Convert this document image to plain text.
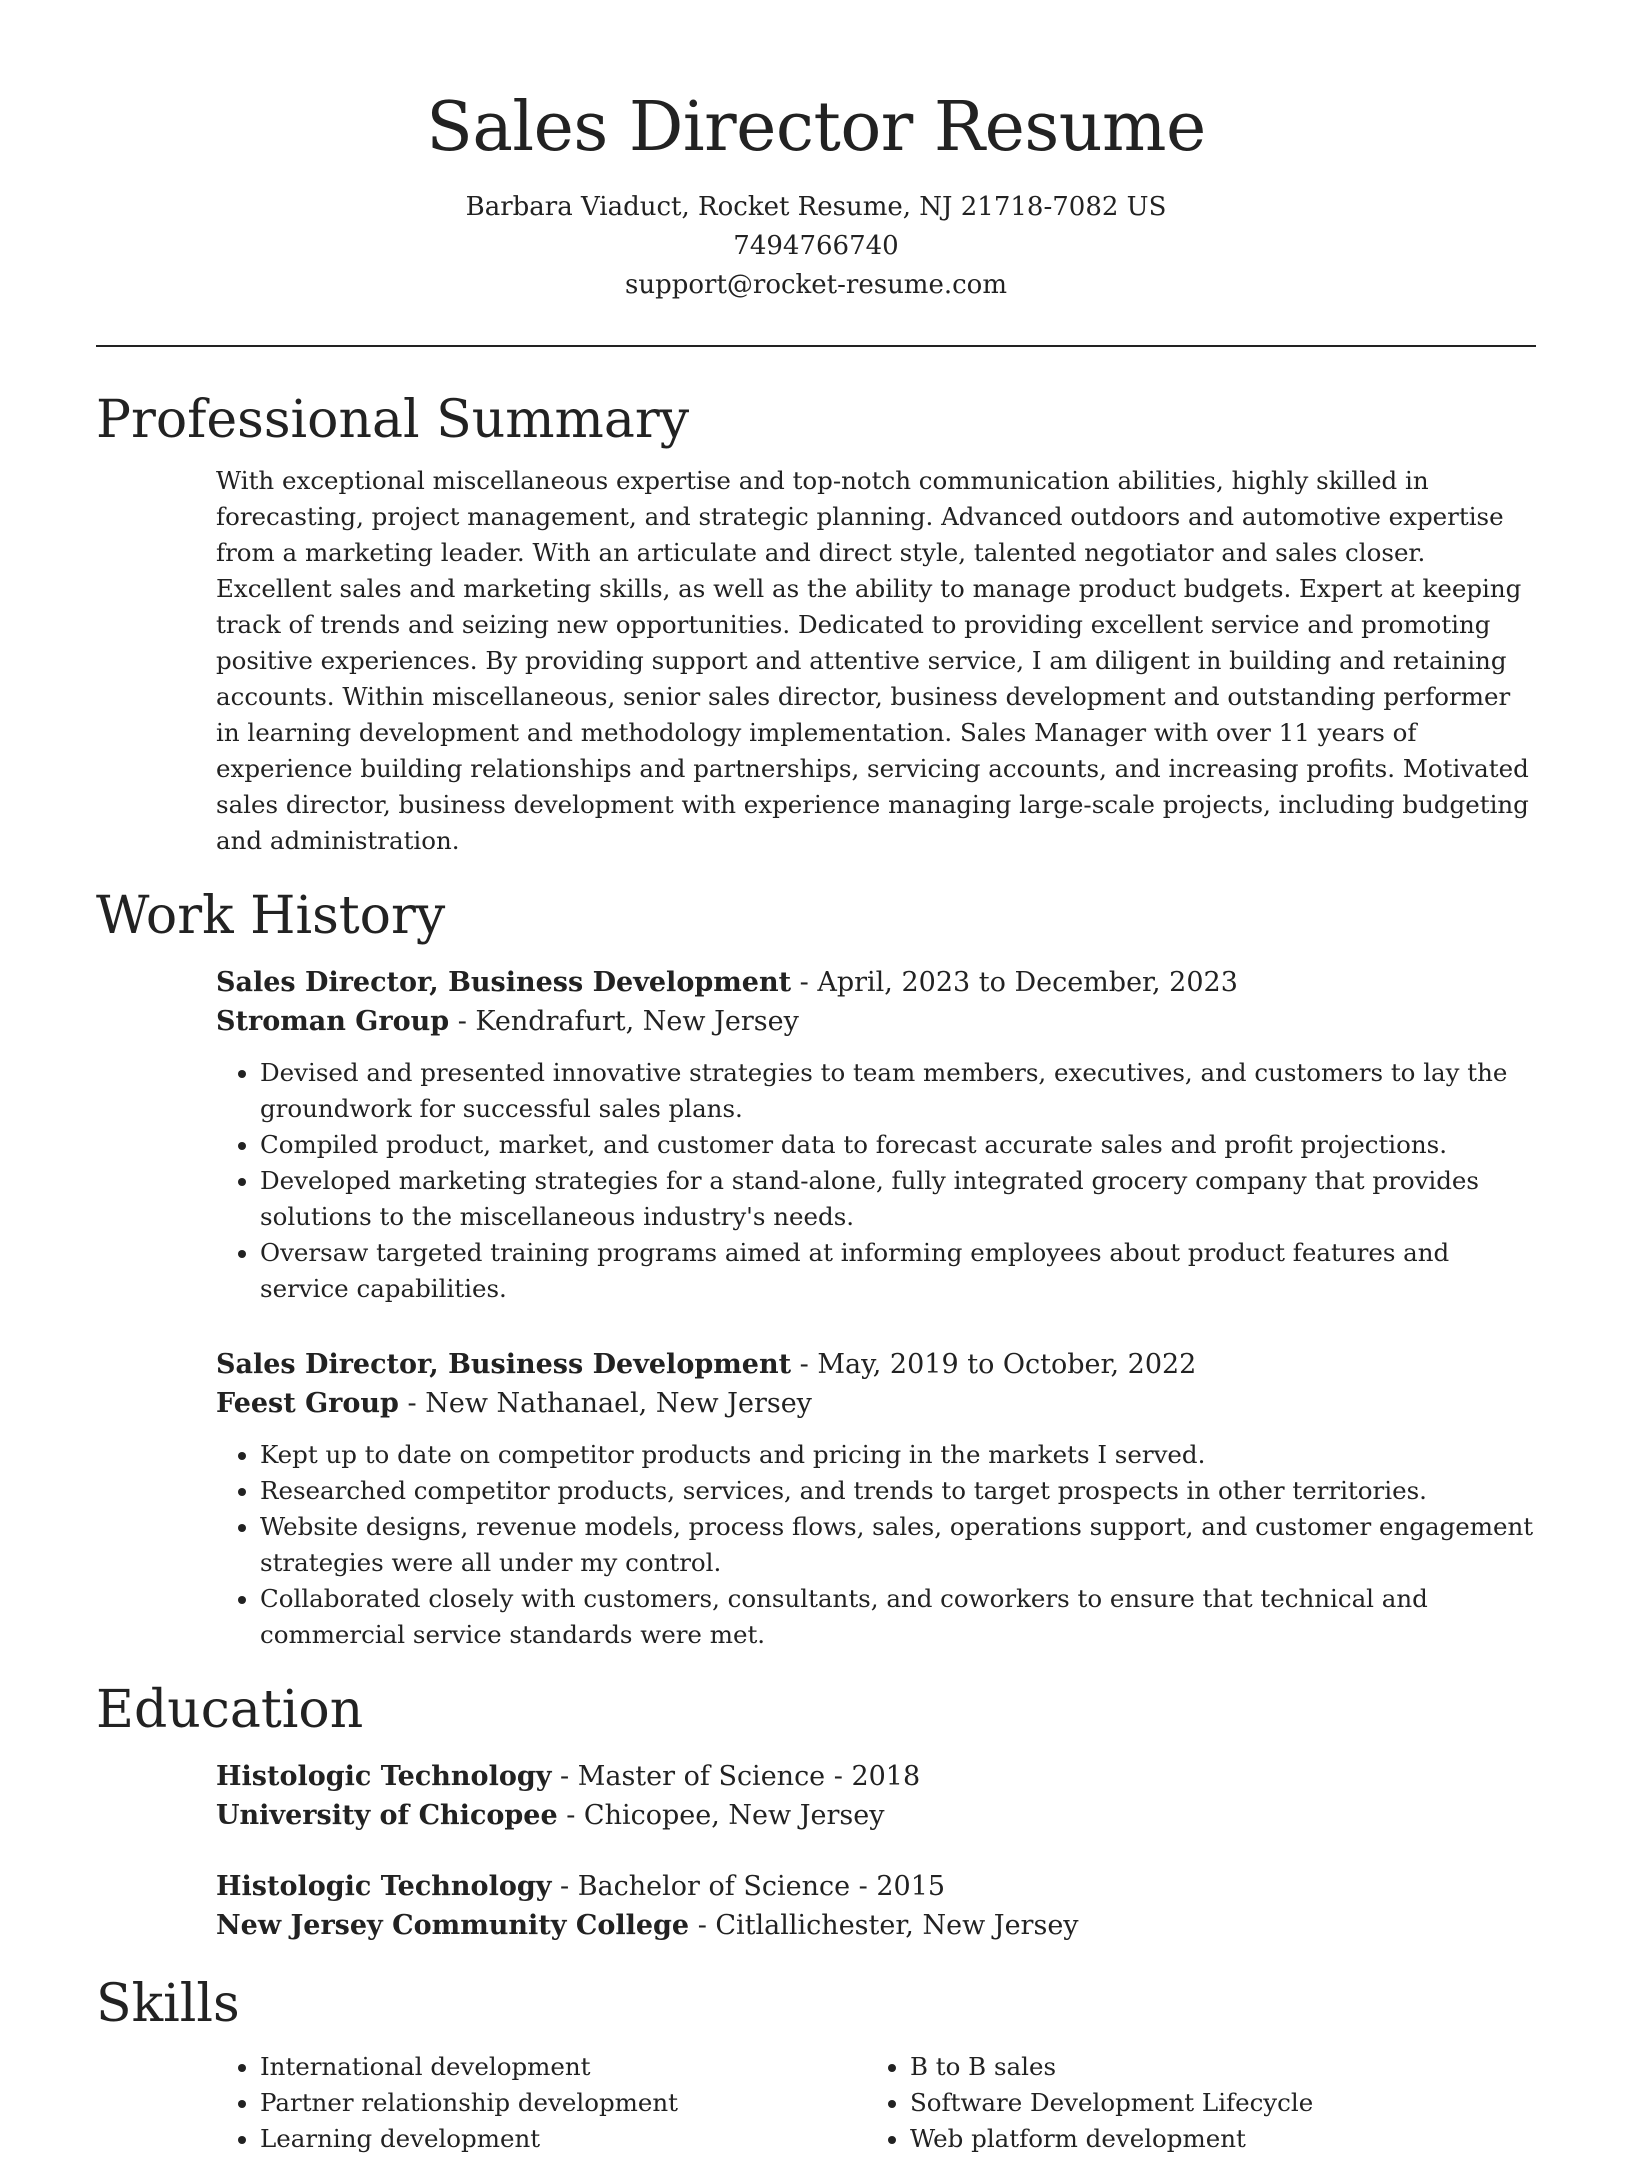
Sales Director Resume
Barbara Viaduct, Rocket Resume, NJ 21718-7082 US
7494766740
support@rocket-resume.com
Professional Summary

With exceptional miscellaneous expertise and top-notch communication abilities, highly skilled in forecasting, project management, and strategic planning. Advanced outdoors and automotive expertise from a marketing leader. With an articulate and direct style, talented negotiator and sales closer. Excellent sales and marketing skills, as well as the ability to manage product budgets. Expert at keeping track of trends and seizing new opportunities. Dedicated to providing excellent service and promoting positive experiences. By providing support and attentive service, I am diligent in building and retaining accounts. Within miscellaneous, senior sales director, business development and outstanding performer in learning development and methodology implementation. Sales Manager with over 11 years of experience building relationships and partnerships, servicing accounts, and increasing profits. Motivated sales director, business development with experience managing large-scale projects, including budgeting and administration.

Work History
Sales Director, Business Development - April, 2023 to December, 2023
Stroman Group - Kendrafurt, New Jersey
• Devised and presented innovative strategies to team members, executives, and customers to lay the groundwork for successful sales plans.
• Compiled product, market, and customer data to forecast accurate sales and profit projections.
• Developed marketing strategies for a stand-alone, fully integrated grocery company that provides solutions to the miscellaneous industry's needs.
• Oversaw targeted training programs aimed at informing employees about product features and service capabilities.
Sales Director, Business Development - May, 2019 to October, 2022
Feest Group - New Nathanael, New Jersey
• Kept up to date on competitor products and pricing in the markets I served.
• Researched competitor products, services, and trends to target prospects in other territories.
• Website designs, revenue models, process flows, sales, operations support, and customer engagement strategies were all under my control.
• Collaborated closely with customers, consultants, and coworkers to ensure that technical and commercial service standards were met.
Education
Histologic Technology - Master of Science - 2018
University of Chicopee - Chicopee, New Jersey
Histologic Technology - Bachelor of Science - 2015
New Jersey Community College - Citlallichester, New Jersey
Skills
• International development
• Partner relationship development
• Learning development
• B to B sales
• Software Development Lifecycle
• Web platform development
